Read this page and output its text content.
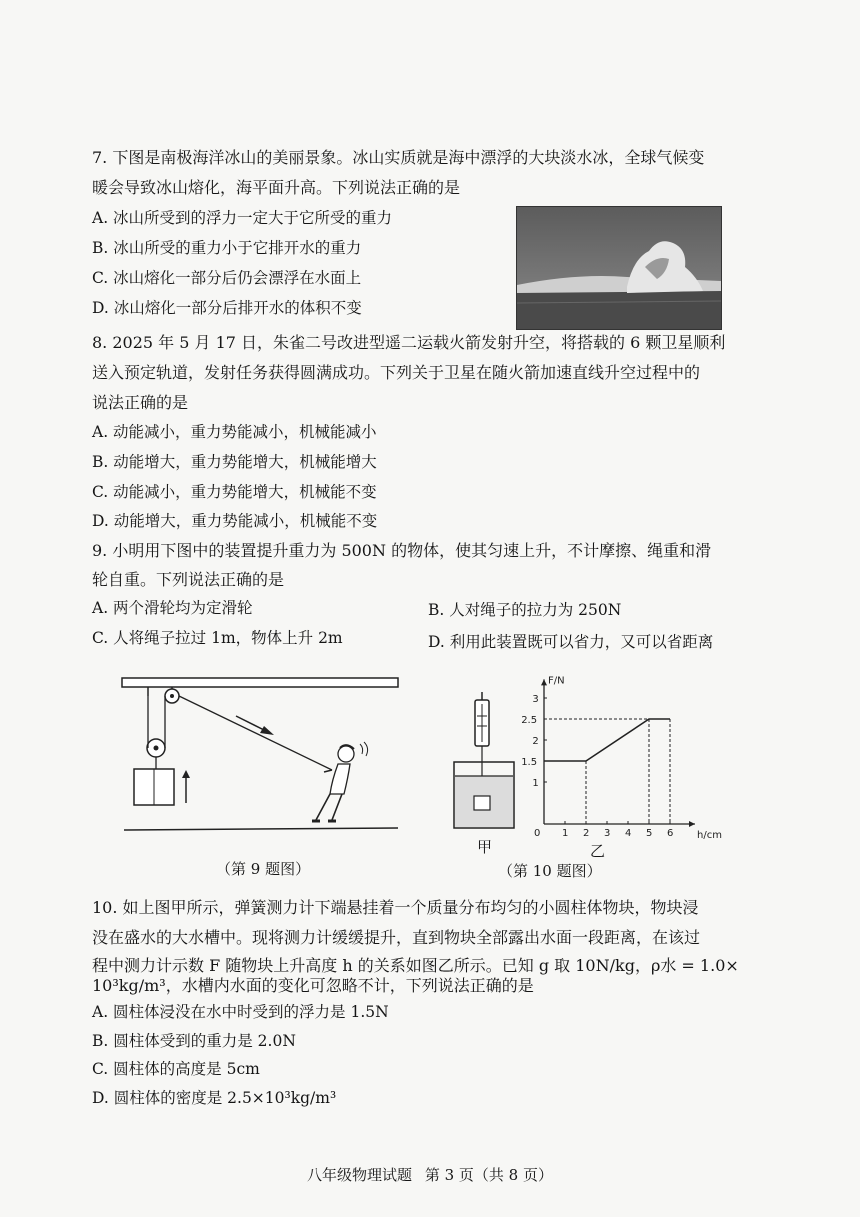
7. 下图是南极海洋冰山的美丽景象。冰山实质就是海中漂浮的大块淡水冰，全球气候变
暖会导致冰山熔化，海平面升高。下列说法正确的是
A. 冰山所受到的浮力一定大于它所受的重力
B. 冰山所受的重力小于它排开水的重力
C. 冰山熔化一部分后仍会漂浮在水面上
D. 冰山熔化一部分后排开水的体积不变
8. 2025 年 5 月 17 日，朱雀二号改进型遥二运载火箭发射升空，将搭载的 6 颗卫星顺利
送入预定轨道，发射任务获得圆满成功。下列关于卫星在随火箭加速直线升空过程中的
说法正确的是
A. 动能减小，重力势能减小，机械能减小
B. 动能增大，重力势能增大，机械能增大
C. 动能减小，重力势能增大，机械能不变
D. 动能增大，重力势能减小，机械能不变
9. 小明用下图中的装置提升重力为 500N 的物体，使其匀速上升，不计摩擦、绳重和滑
轮自重。下列说法正确的是
A. 两个滑轮均为定滑轮	B. 人对绳子的拉力为 250N
C. 人将绳子拉过 1m，物体上升 2m	D. 利用此装置既可以省力，又可以省距离
（第 9 题图）
甲
0 1 2 3 4 5 6
1
1.5
2
2.5
3
F/N
h/cm
乙
（第 10 题图）
10. 如上图甲所示，弹簧测力计下端悬挂着一个质量分布均匀的小圆柱体物块，物块浸
没在盛水的大水槽中。现将测力计缓缓提升，直到物块全部露出水面一段距离，在该过
程中测力计示数 F 随物块上升高度 h 的关系如图乙所示。已知 g 取 10N/kg，ρ水 = 1.0×
10³kg/m³，水槽内水面的变化可忽略不计，下列说法正确的是
A. 圆柱体浸没在水中时受到的浮力是 1.5N
B. 圆柱体受到的重力是 2.0N
C. 圆柱体的高度是 5cm
D. 圆柱体的密度是 2.5×10³kg/m³
八年级物理试题 第 3 页（共 8 页）
